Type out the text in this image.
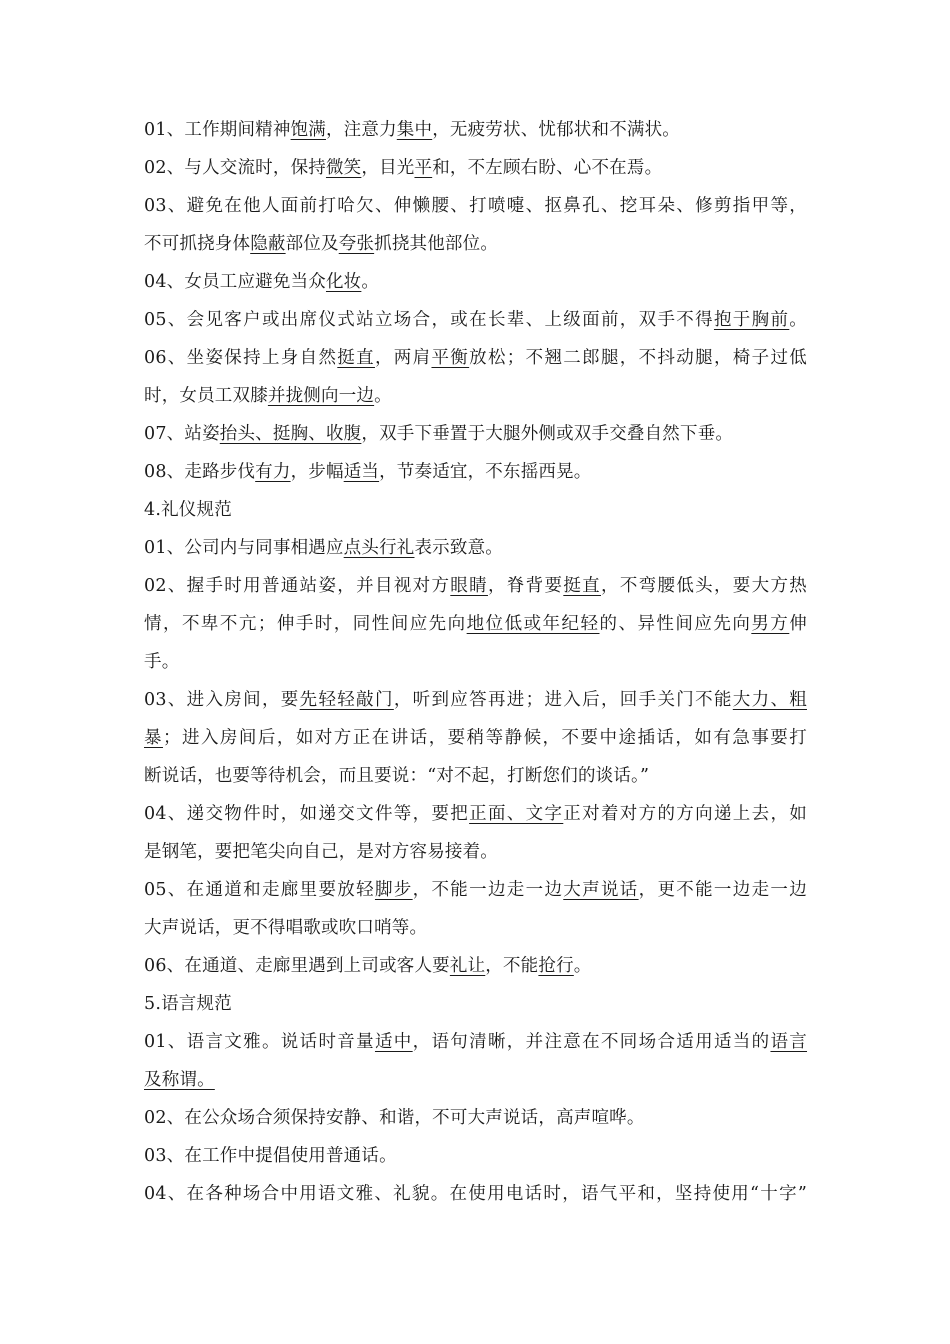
01、工作期间精神饱满，注意力集中，无疲劳状、忧郁状和不满状。
02、与人交流时，保持微笑，目光平和，不左顾右盼、心不在焉。
03、避免在他人面前打哈欠、伸懒腰、打喷嚏、抠鼻孔、挖耳朵、修剪指甲等，
不可抓挠身体隐蔽部位及夸张抓挠其他部位。
04、女员工应避免当众化妆。
05、会见客户或出席仪式站立场合，或在长辈、上级面前，双手不得抱于胸前。
06、坐姿保持上身自然挺直，两肩平衡放松；不翘二郎腿，不抖动腿，椅子过低
时，女员工双膝并拢侧向一边。
07、站姿抬头、挺胸、收腹，双手下垂置于大腿外侧或双手交叠自然下垂。
08、走路步伐有力，步幅适当，节奏适宜，不东摇西晃。
4.礼仪规范
01、公司内与同事相遇应点头行礼表示致意。
02、握手时用普通站姿，并目视对方眼睛，脊背要挺直，不弯腰低头，要大方热
情，不卑不亢；伸手时，同性间应先向地位低或年纪轻的、异性间应先向男方伸
手。
03、进入房间，要先轻轻敲门，听到应答再进；进入后，回手关门不能大力、粗
暴；进入房间后，如对方正在讲话，要稍等静候，不要中途插话，如有急事要打
断说话，也要等待机会，而且要说：“对不起，打断您们的谈话。”
04、递交物件时，如递交文件等，要把正面、文字正对着对方的方向递上去，如
是钢笔，要把笔尖向自己，是对方容易接着。
05、在通道和走廊里要放轻脚步，不能一边走一边大声说话，更不能一边走一边
大声说话，更不得唱歌或吹口哨等。
06、在通道、走廊里遇到上司或客人要礼让，不能抢行。
5.语言规范
01、语言文雅。说话时音量适中，语句清晰，并注意在不同场合适用适当的语言
及称谓。
02、在公众场合须保持安静、和谐，不可大声说话，高声喧哗。
03、在工作中提倡使用普通话。
04、在各种场合中用语文雅、礼貌。在使用电话时，语气平和，坚持使用“十字”
